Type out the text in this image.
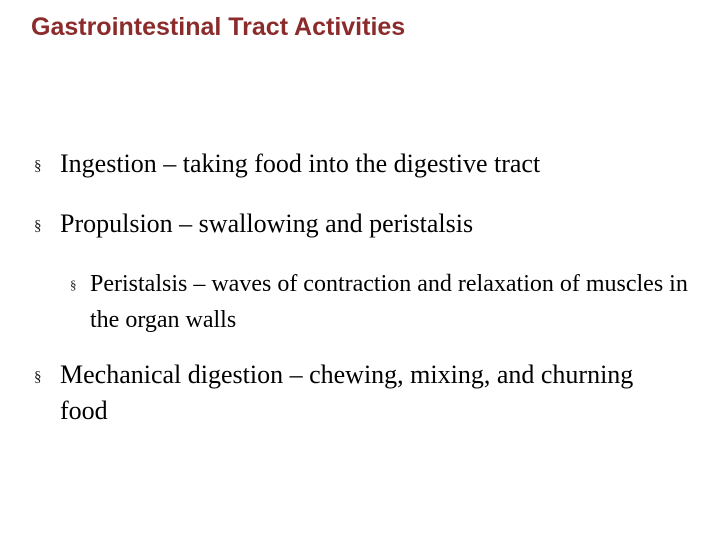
Gastrointestinal Tract Activities
§ Ingestion – taking food into the digestive tract
§ Propulsion – swallowing and peristalsis
§ Peristalsis – waves of contraction and relaxation of muscles in the organ walls
§ Mechanical digestion – chewing, mixing, and churning food
